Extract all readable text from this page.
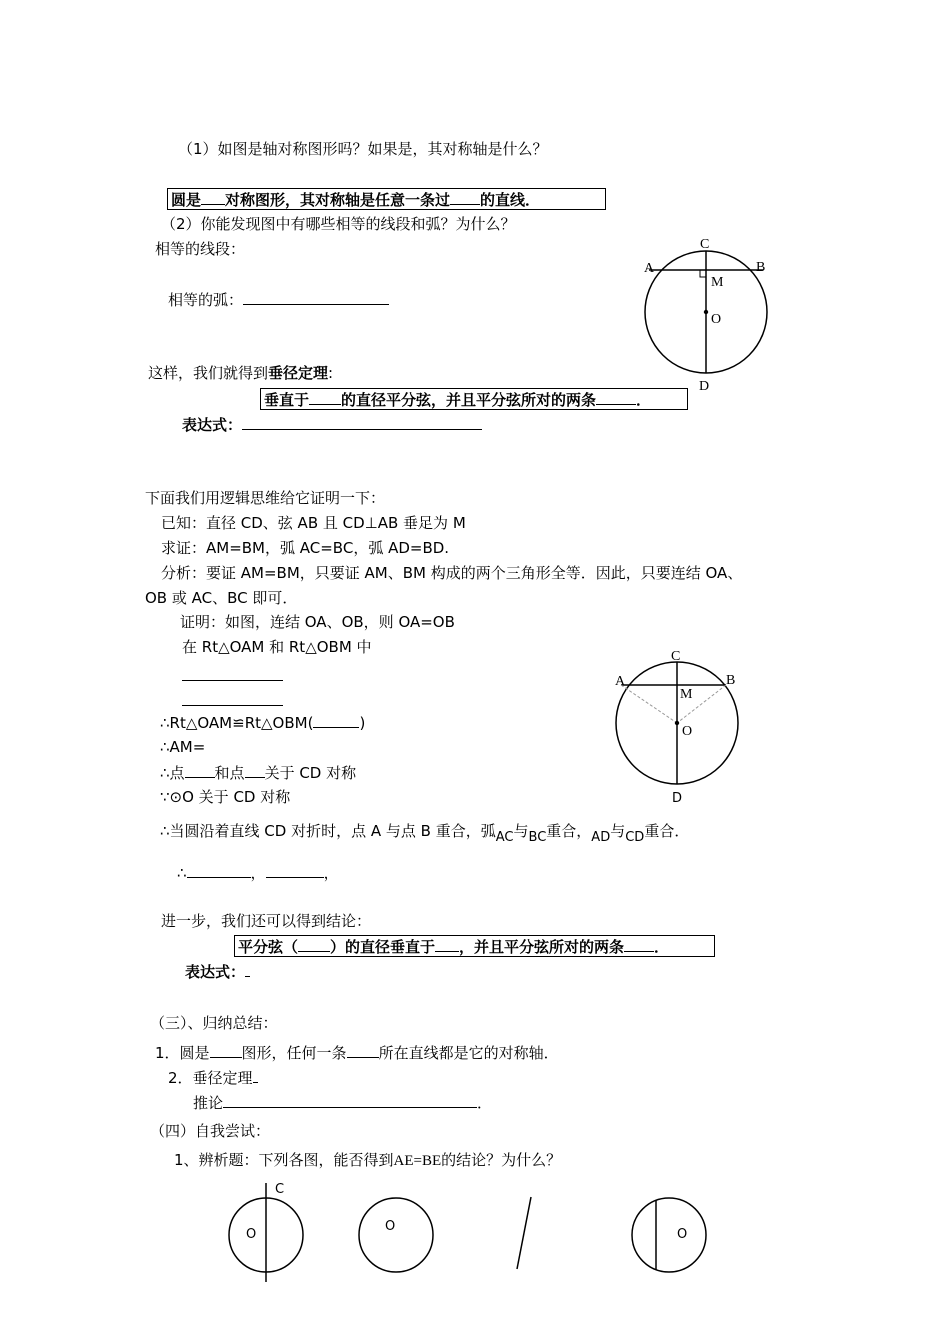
（1）如图是轴对称图形吗？如果是，其对称轴是什么？
圆是 对称图形，其对称轴是任意一条过 的直线．
（2）你能发现图中有哪些相等的线段和弧？为什么？
相等的线段：
相等的弧：
这样，我们就得到垂径定理:
垂直于 的直径平分弦，并且平分弦所对的两条	．
表达式：
A	B
C
D
M
O
下面我们用逻辑思维给它证明一下：
已知：直径 CD、弦 AB 且 CD⊥AB 垂足为 M
求证：AM=BM，弧 AC=BC，弧 AD=BD.
分析：要证 AM=BM，只要证 AM、BM 构成的两个三角形全等．因此，只要连结 OA、
OB 或 AC、BC 即可．
证明：如图，连结 OA、OB，则 OA=OB
在 Rt△OAM 和 Rt△OBM 中
∴Rt△OAM≌Rt△OBM(	)
∴AM=
∴点 和点 关于 CD 对称
∵⊙O 关于 CD 对称
∴当圆沿着直线 CD 对折时，点 A 与点 B 重合，弧AC与BC重合，AD与CD重合．
∴	，	，
A	B
C
D
M
O
进一步，我们还可以得到结论：
平分弦（ ）的直径垂直于 ，并且平分弦所对的两条 ．
表达式：
（三）、归纳总结：
1．圆是 图形，任何一条 所在直线都是它的对称轴．
2．垂径定理
推论	．
（四）自我尝试：
1、辨析题：下列各图，能否得到AE=BE的结论？为什么？
C
O
O
O
